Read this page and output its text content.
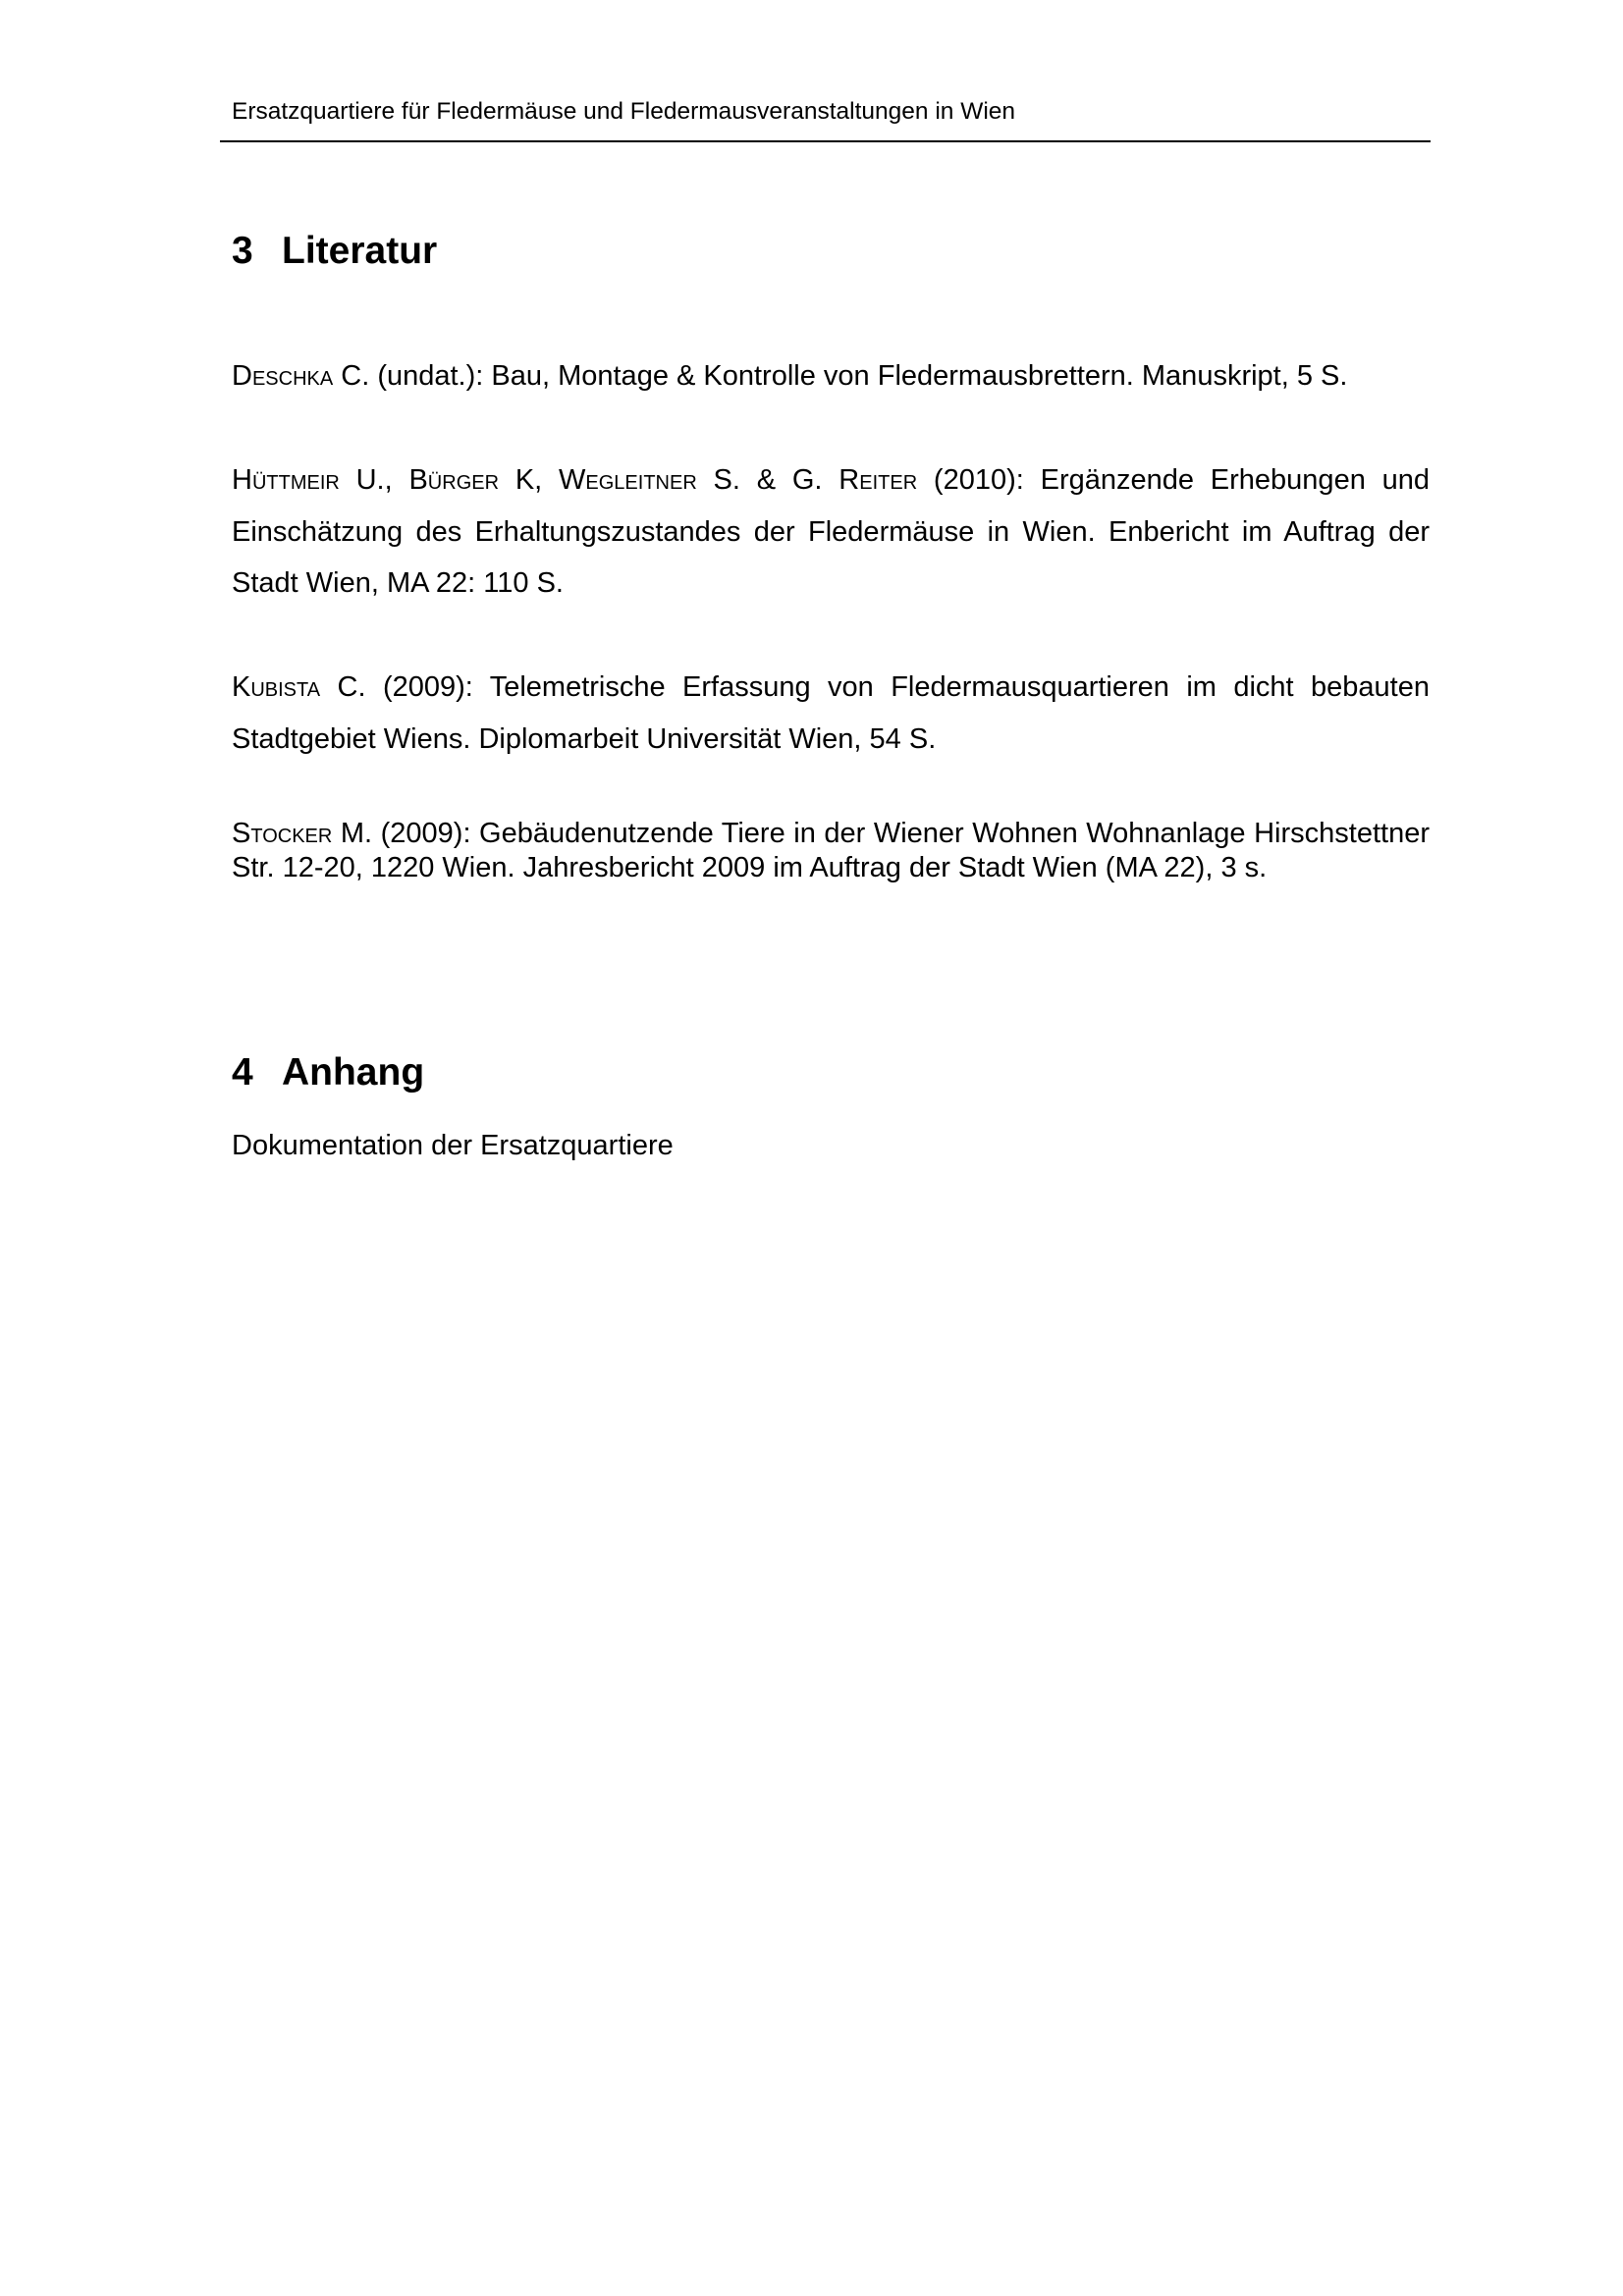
Ersatzquartiere für Fledermäuse und Fledermausveranstaltungen in Wien
3 Literatur

Deschka C. (undat.): Bau, Montage & Kontrolle von Fledermausbrettern. Manuskript, 5 S.

Hüttmeir U., Bürger K, Wegleitner S. & G. Reiter (2010): Ergänzende Erhebungen und Einschätzung des Erhaltungszustandes der Fledermäuse in Wien. Enbericht im Auftrag der Stadt Wien, MA 22: 110 S.

Kubista C. (2009): Telemetrische Erfassung von Fledermausquartieren im dicht bebauten Stadtgebiet Wiens. Diplomarbeit Universität Wien, 54 S.

Stocker M. (2009): Gebäudenutzende Tiere in der Wiener Wohnen Wohnanlage Hirschstettner Str. 12-20, 1220 Wien. Jahresbericht 2009 im Auftrag der Stadt Wien (MA 22), 3 s.

4 Anhang

Dokumentation der Ersatzquartiere
